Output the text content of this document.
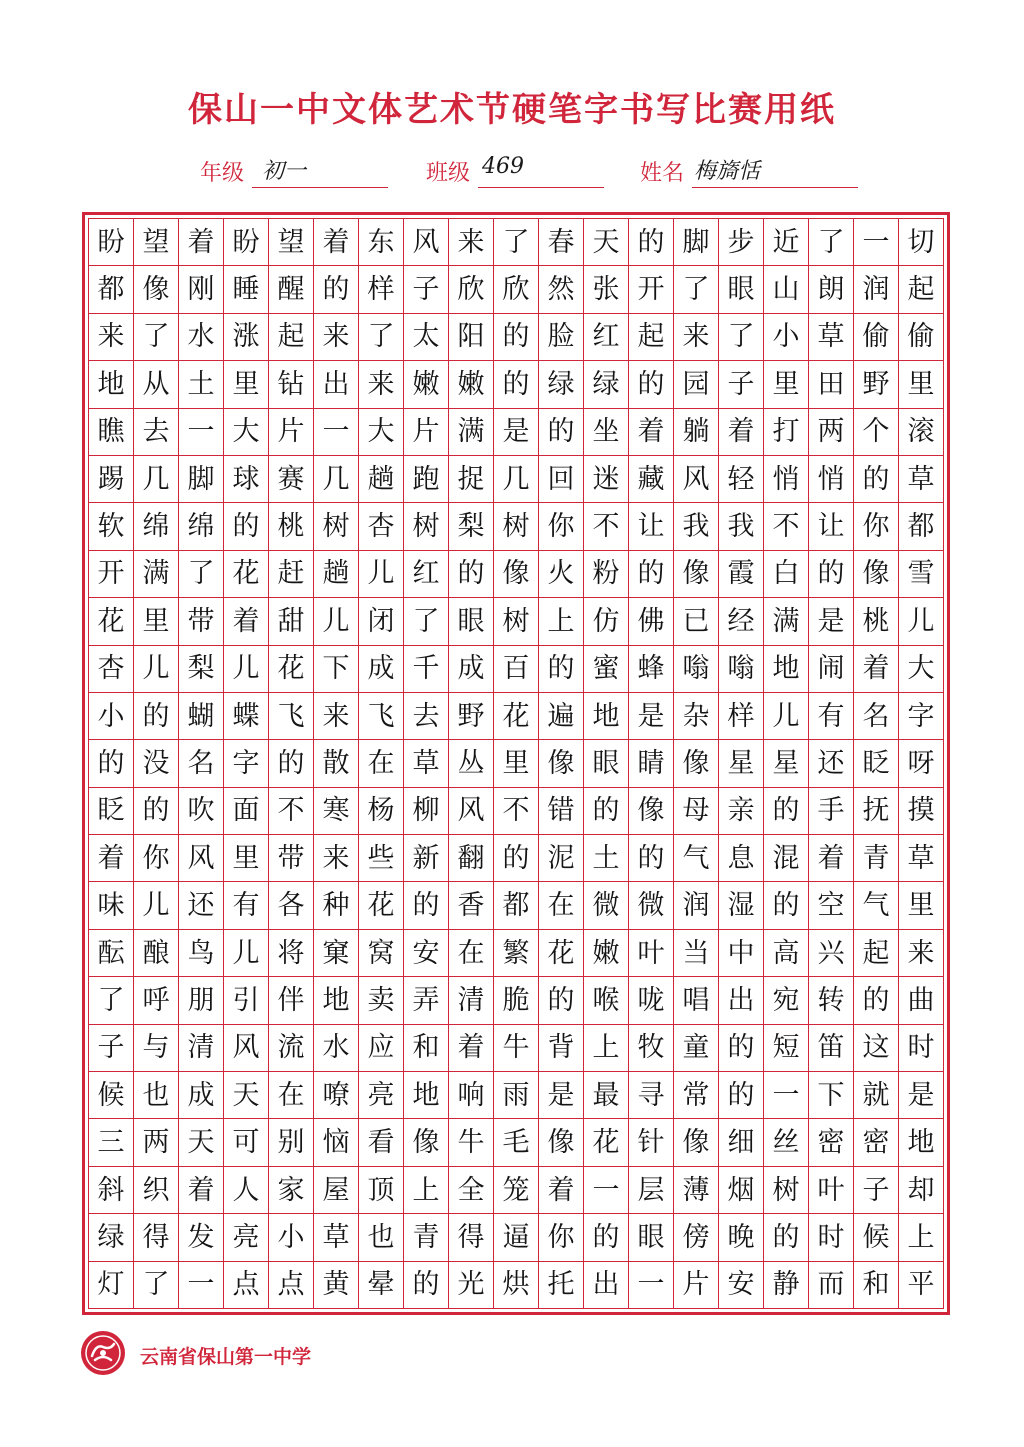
保山一中文体艺术节硬笔字书写比赛用纸
年级 初一	班级 469	姓名 梅旖恬
盼 望 着 盼 望 着 东 风 来 了 春 天 的 脚 步 近 了 一 切
都 像 刚 睡 醒 的 样 子 欣 欣 然 张 开 了 眼 山 朗 润 起
来 了 水 涨 起 来 了 太 阳 的 脸 红 起 来 了 小 草 偷 偷
地 从 土 里 钻 出 来 嫩 嫩 的 绿 绿 的 园 子 里 田 野 里
瞧 去 一 大 片 一 大 片 满 是 的 坐 着 躺 着 打 两 个 滚
踢 几 脚 球 赛 几 趟 跑 捉 几 回 迷 藏 风 轻 悄 悄 的 草
软 绵 绵 的 桃 树 杏 树 梨 树 你 不 让 我 我 不 让 你 都
开 满 了 花 赶 趟 儿 红 的 像 火 粉 的 像 霞 白 的 像 雪
花 里 带 着 甜 儿 闭 了 眼 树 上 仿 佛 已 经 满 是 桃 儿
杏 儿 梨 儿 花 下 成 千 成 百 的 蜜 蜂 嗡 嗡 地 闹 着 大
小 的 蝴 蝶 飞 来 飞 去 野 花 遍 地 是 杂 样 儿 有 名 字
的 没 名 字 的 散 在 草 丛 里 像 眼 睛 像 星 星 还 眨 呀
眨 的 吹 面 不 寒 杨 柳 风 不 错 的 像 母 亲 的 手 抚 摸
着 你 风 里 带 来 些 新 翻 的 泥 土 的 气 息 混 着 青 草
味 儿 还 有 各 种 花 的 香 都 在 微 微 润 湿 的 空 气 里
酝 酿 鸟 儿 将 窠 窝 安 在 繁 花 嫩 叶 当 中 高 兴 起 来
了 呼 朋 引 伴 地 卖 弄 清 脆 的 喉 咙 唱 出 宛 转 的 曲
子 与 清 风 流 水 应 和 着 牛 背 上 牧 童 的 短 笛 这 时
候 也 成 天 在 嘹 亮 地 响 雨 是 最 寻 常 的 一 下 就 是
三 两 天 可 别 恼 看 像 牛 毛 像 花 针 像 细 丝 密 密 地
斜 织 着 人 家 屋 顶 上 全 笼 着 一 层 薄 烟 树 叶 子 却
绿 得 发 亮 小 草 也 青 得 逼 你 的 眼 傍 晚 的 时 候 上
灯 了 一 点 点 黄 晕 的 光 烘 托 出 一 片 安 静 而 和 平
云南省保山第一中学
